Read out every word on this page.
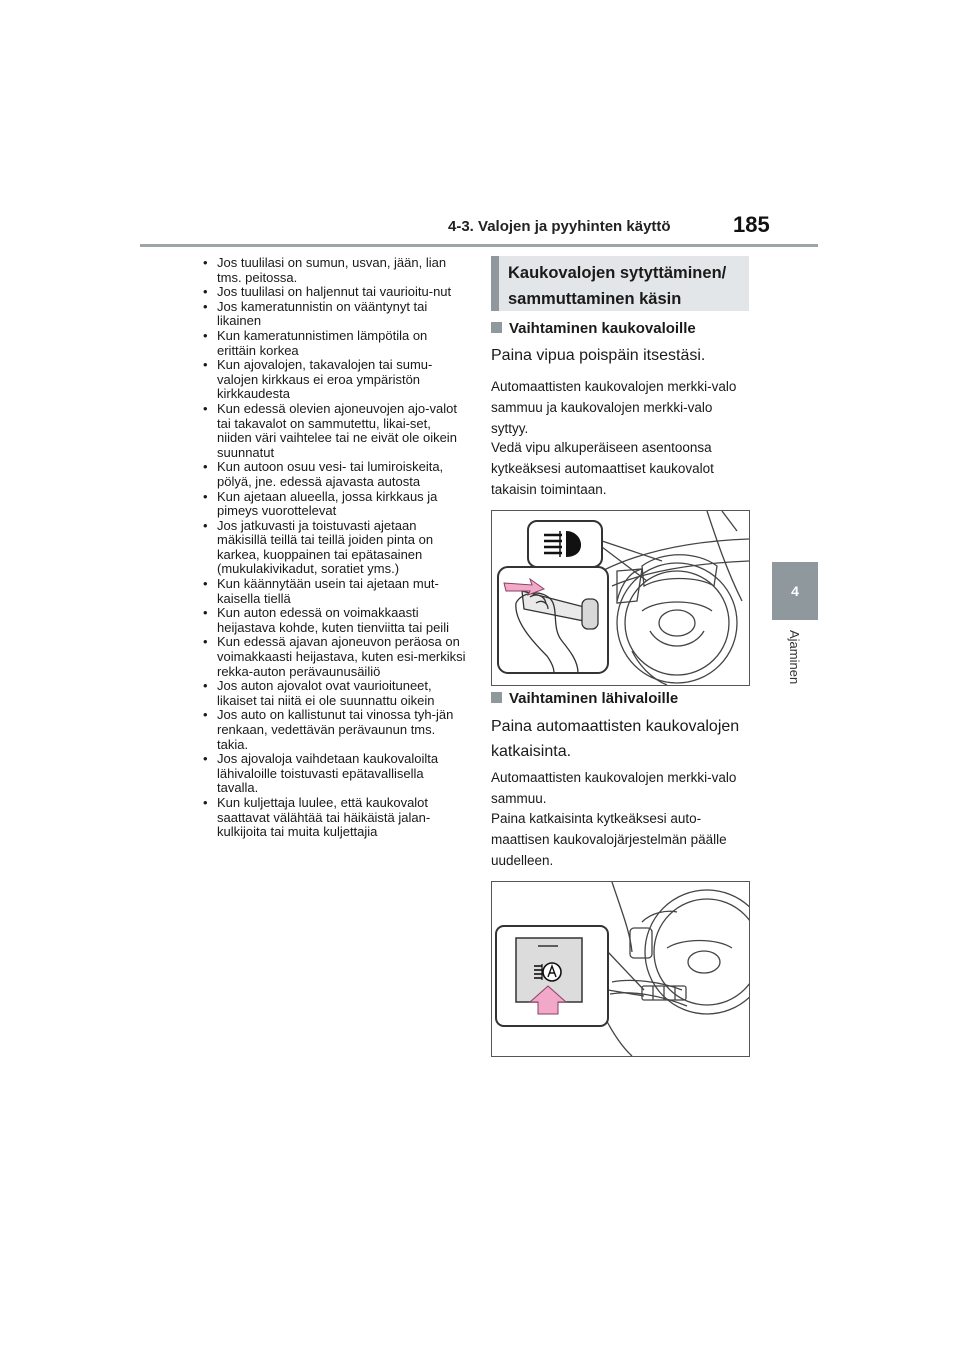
4-3. Valojen ja pyyhinten käyttö	185
4
Ajaminen
• Jos tuulilasi on sumun, usvan, jään, lian tms. peitossa.
• Jos tuulilasi on haljennut tai vaurioitu-nut
• Jos kameratunnistin on vääntynyt tai likainen
• Kun kameratunnistimen lämpötila on erittäin korkea
• Kun ajovalojen, takavalojen tai sumu-valojen kirkkaus ei eroa ympäristön kirkkaudesta
• Kun edessä olevien ajoneuvojen ajo-valot tai takavalot on sammutettu, likai-set, niiden väri vaihtelee tai ne eivät ole oikein suunnatut
• Kun autoon osuu vesi- tai lumiroiskeita, pölyä, jne. edessä ajavasta autosta
• Kun ajetaan alueella, jossa kirkkaus ja pimeys vuorottelevat
• Jos jatkuvasti ja toistuvasti ajetaan mäkisillä teillä tai teillä joiden pinta on karkea, kuoppainen tai epätasainen (mukulakivikadut, soratiet yms.)
• Kun käännytään usein tai ajetaan mut-kaisella tiellä
• Kun auton edessä on voimakkaasti heijastava kohde, kuten tienviitta tai peili
• Kun edessä ajavan ajoneuvon peräosa on voimakkaasti heijastava, kuten esi-merkiksi rekka-auton perävaunusäiliö
• Jos auton ajovalot ovat vaurioituneet, likaiset tai niitä ei ole suunnattu oikein
• Jos auto on kallistunut tai vinossa tyh-jän renkaan, vedettävän perävaunun tms. takia.
• Jos ajovaloja vaihdetaan kaukovaloilta lähivaloille toistuvasti epätavallisella tavalla.
• Kun kuljettaja luulee, että kaukovalot saattavat välähtää tai häikäistä jalan-kulkijoita tai muita kuljettajia
Kaukovalojen sytyttäminen/ sammuttaminen käsin
Vaihtaminen kaukovaloille
Paina vipua poispäin itsestäsi.
Automaattisten kaukovalojen merkki-valo sammuu ja kaukovalojen merkki-valo syttyy.
Vedä vipu alkuperäiseen asentoonsa kytkeäksesi automaattiset kaukovalot takaisin toimintaan.
Vaihtaminen lähivaloille
Paina automaattisten kaukovalojen katkaisinta.
Automaattisten kaukovalojen merkki-valo sammuu.
Paina katkaisinta kytkeäksesi auto-maattisen kaukovalojärjestelmän päälle uudelleen.
